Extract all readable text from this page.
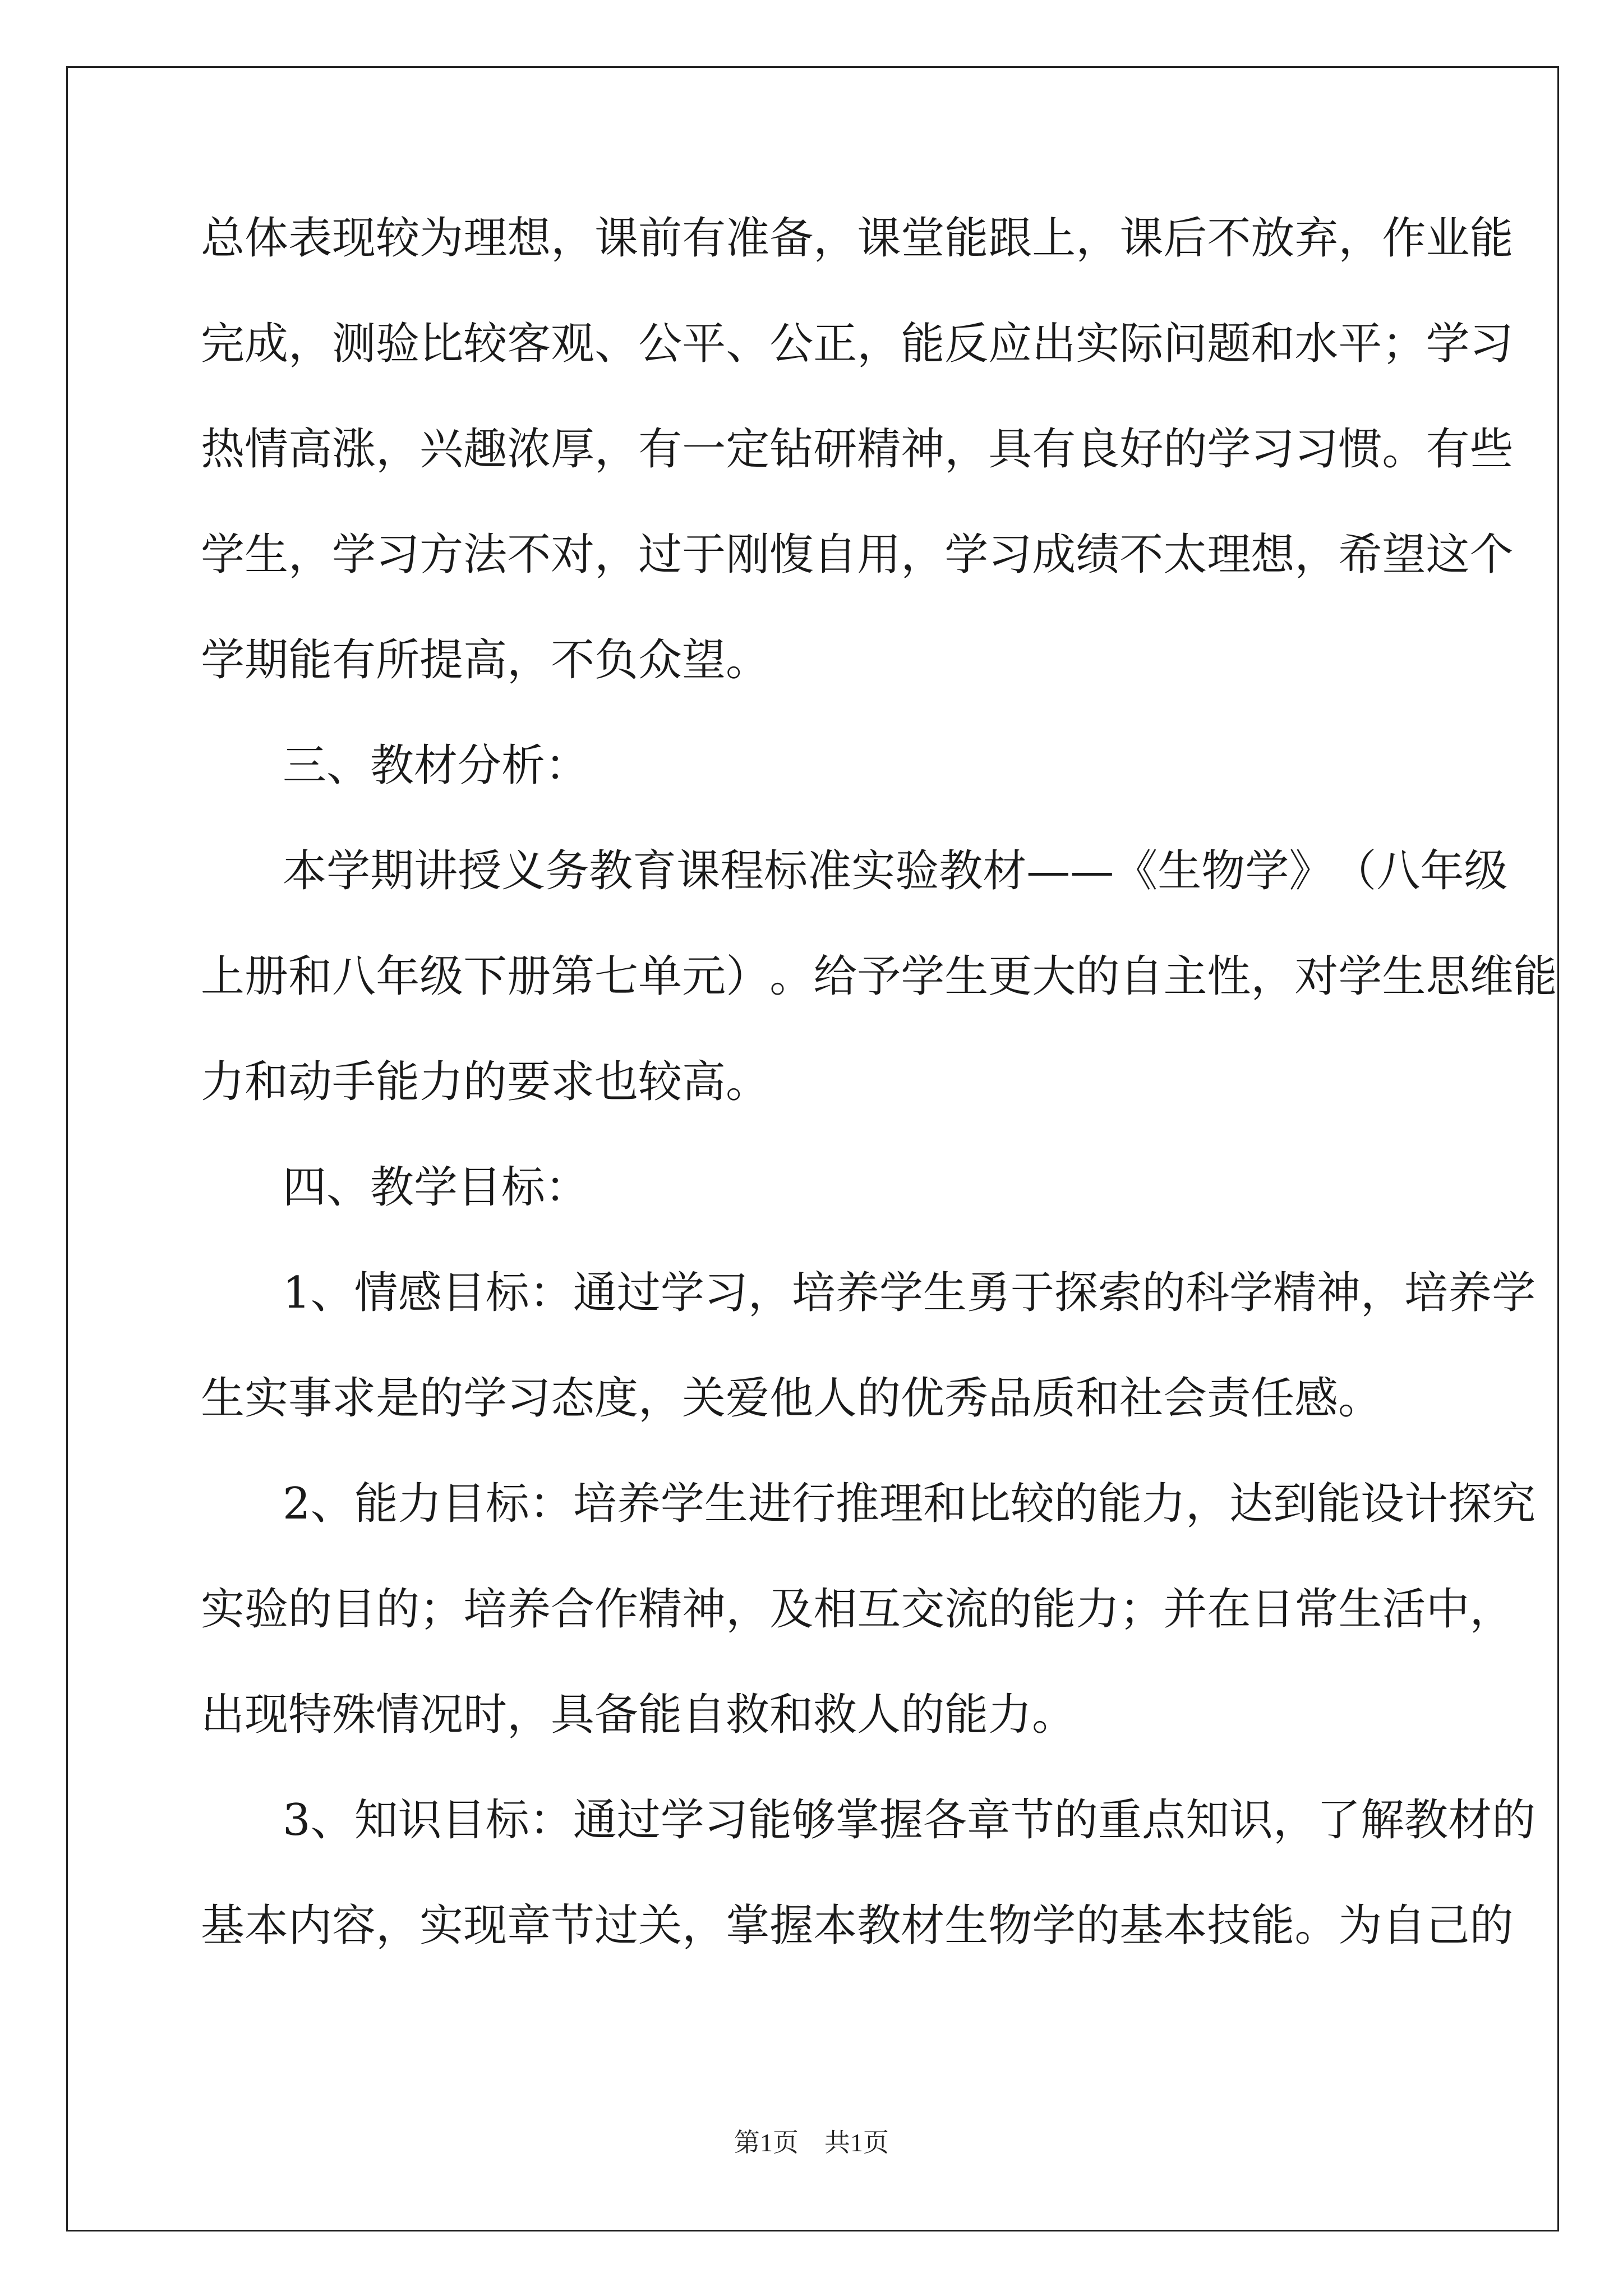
总 体 表 现 较 为 理 想 ， 课 前 有 准 备 ， 课 堂 能 跟 上 ， 课 后 不 放 弃 ， 作 业 能
完 成 ， 测 验 比 较 客 观 、 公 平 、 公 正 ， 能 反 应 出 实 际 问 题 和 水 平 ； 学 习
热 情 高 涨 ， 兴 趣 浓 厚 ， 有 一 定 钻 研 精 神 ， 具 有 良 好 的 学 习 习 惯 。 有 些
学 生 ， 学 习 方 法 不 对 ， 过 于 刚 愎 自 用 ， 学 习 成 绩 不 太 理 想 ， 希 望 这 个
学期能有所提高，不负众望。
三、教材分析：
本 学 期 讲 授 义 务 教 育 课 程 标 准 实 验 教 材 — — 《 生 物 学 》 （ 八 年 级
上 册 和 八 年 级 下 册 第 七 单 元 ） 。 给 予 学 生 更 大 的 自 主 性 ， 对 学 生 思 维 能
力和动手能力的要求也较高。
四、教学目标：
1 、 情 感 目 标 ： 通 过 学 习 ， 培 养 学 生 勇 于 探 索 的 科 学 精 神 ， 培 养 学
生实事求是的学习态度，关爱他人的优秀品质和社会责任感。
2 、 能 力 目 标 ： 培 养 学 生 进 行 推 理 和 比 较 的 能 力 ， 达 到 能 设 计 探 究
实 验 的 目 的 ； 培 养 合 作 精 神 ， 及 相 互 交 流 的 能 力 ； 并 在 日 常 生 活 中 ，
出现特殊情况时，具备能自救和救人的能力。
3 、 知 识 目 标 ： 通 过 学 习 能 够 掌 握 各 章 节 的 重 点 知 识 ， 了 解 教 材 的
基 本 内 容 ， 实 现 章 节 过 关 ， 掌 握 本 教 材 生 物 学 的 基 本 技 能 。 为 自 己 的
第1页　共1页
